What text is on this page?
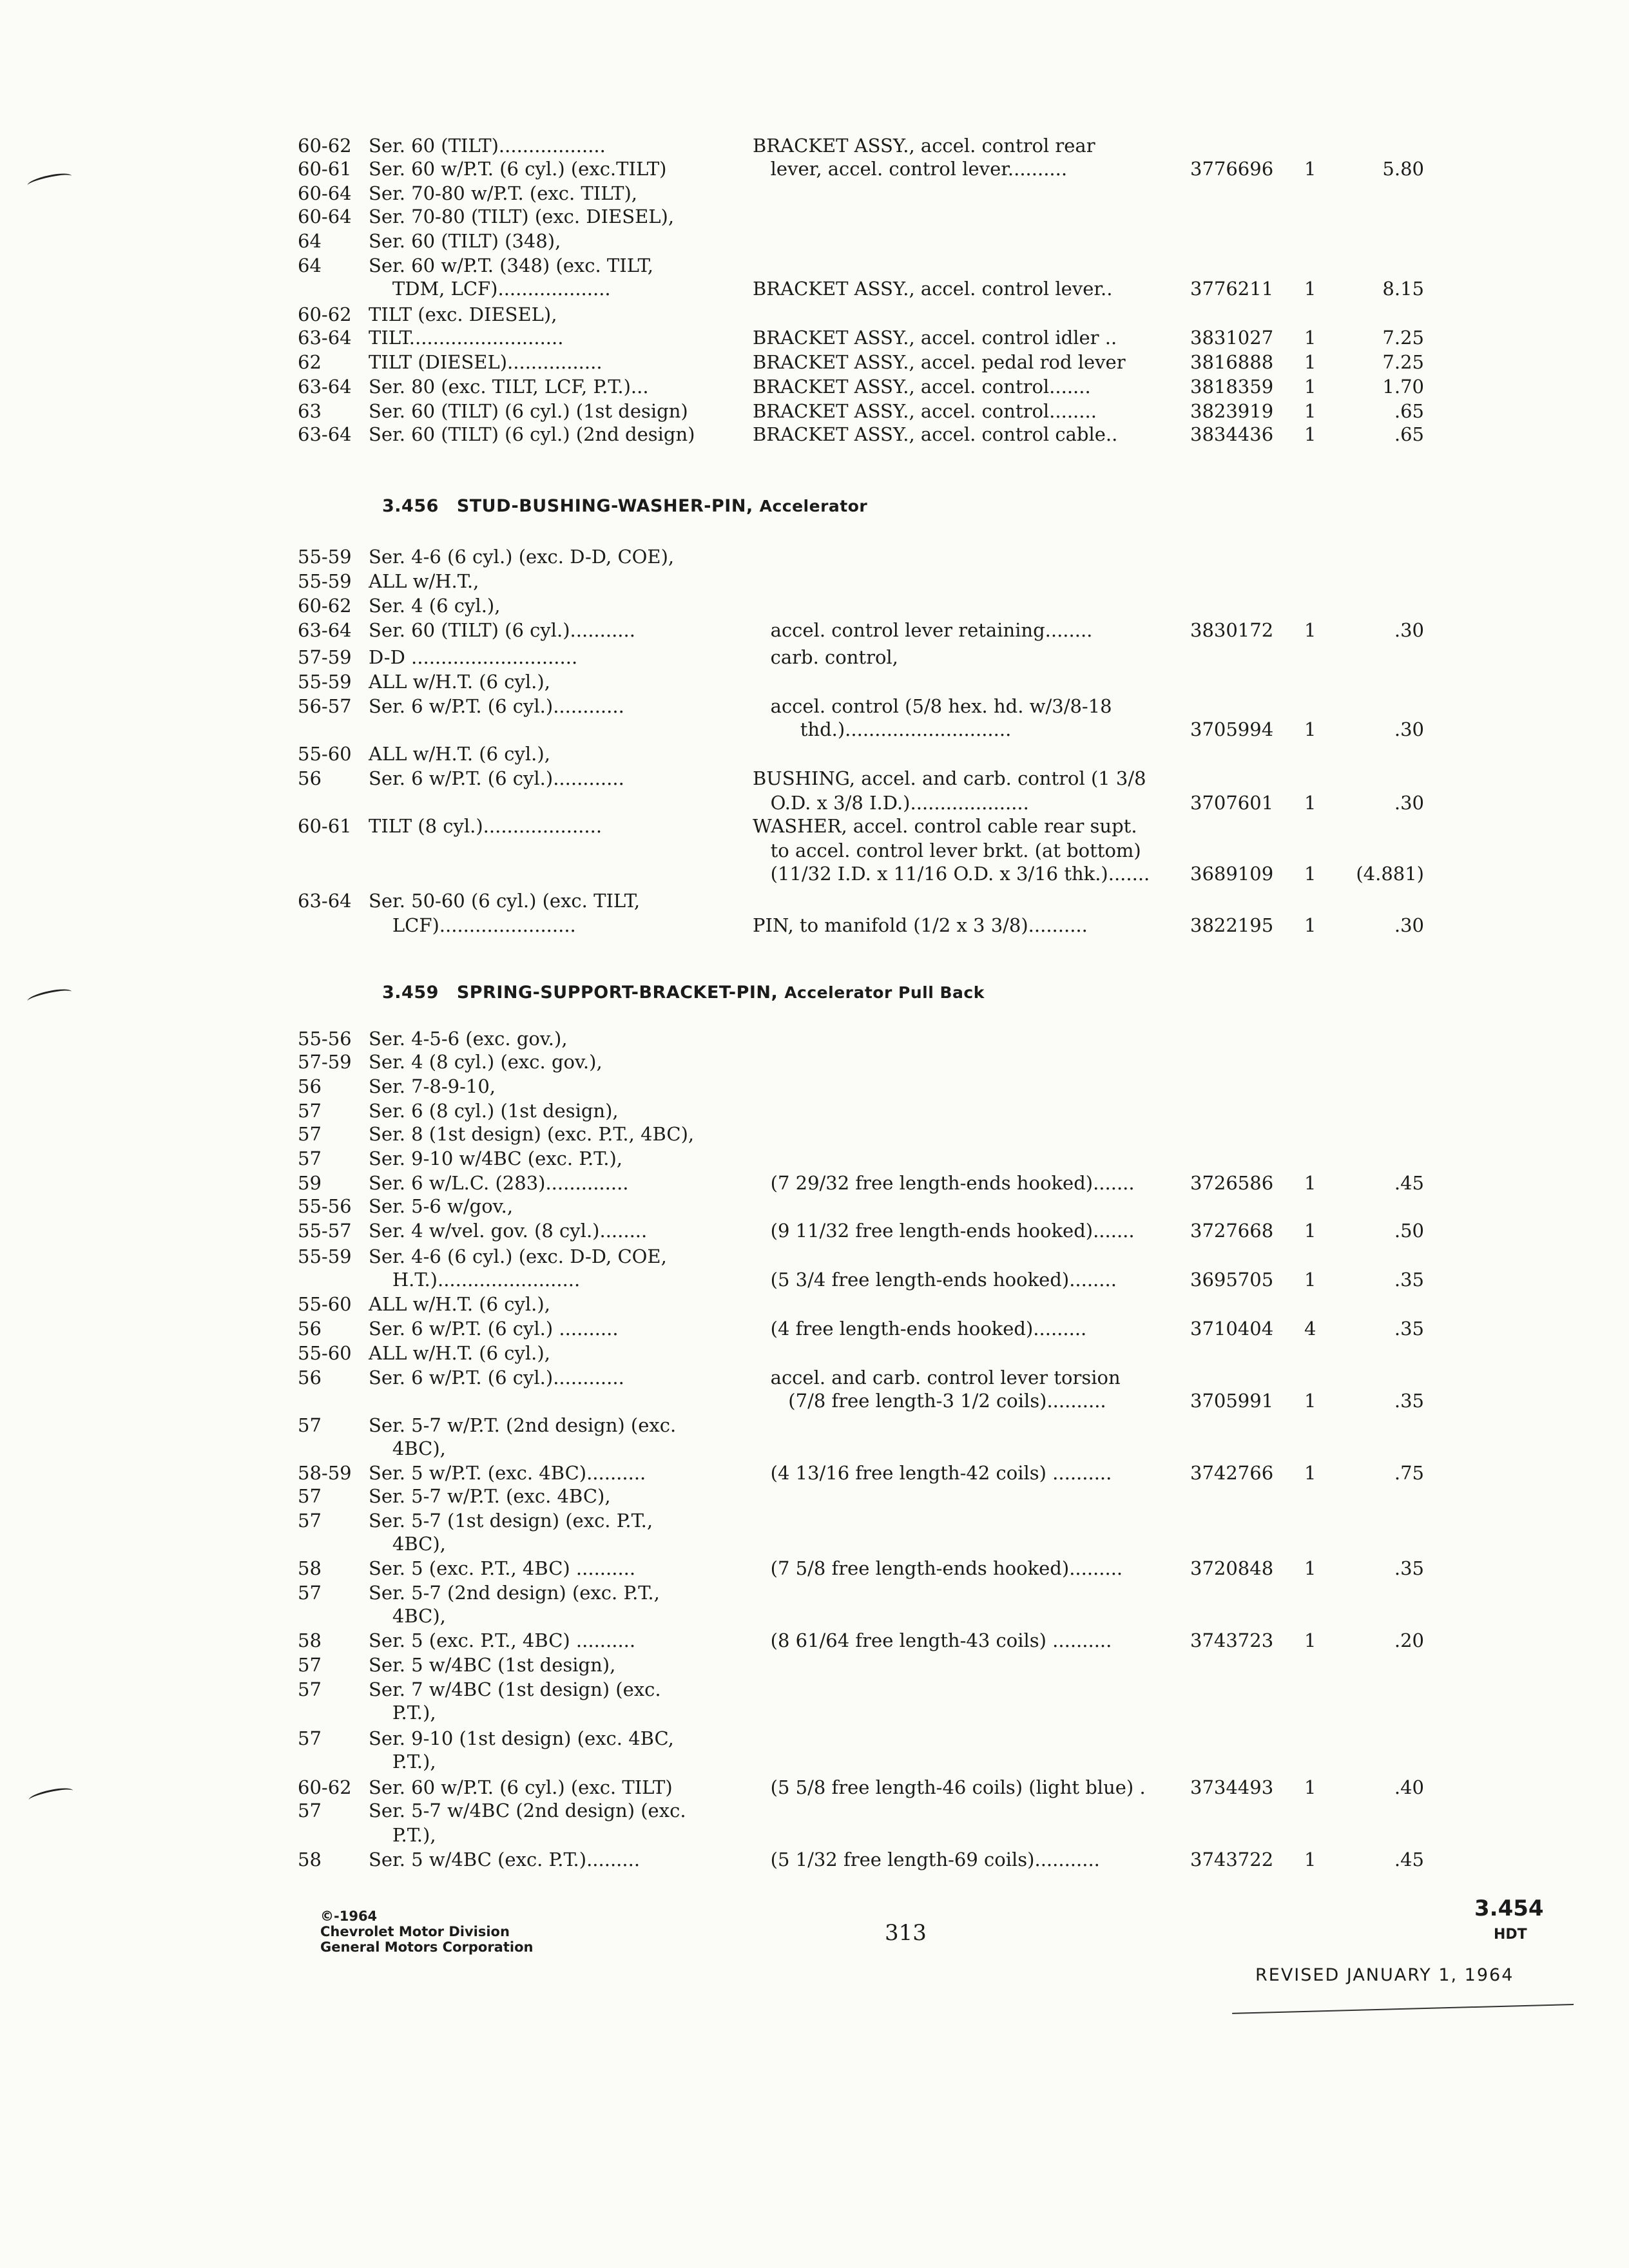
60-62 Ser. 60 (TILT)..................	BRACKET ASSY., accel. control rear
60-61 Ser. 60 w/P.T. (6 cyl.) (exc.TILT)	lever, accel. control lever..........	3776696 1	5.80
60-64 Ser. 70-80 w/P.T. (exc. TILT),
60-64 Ser. 70-80 (TILT) (exc. DIESEL),
64	Ser. 60 (TILT) (348),
64	Ser. 60 w/P.T. (348) (exc. TILT,
TDM, LCF)...................	BRACKET ASSY., accel. control lever..	3776211 1	8.15
60-62 TILT (exc. DIESEL),
63-64 TILT..........................	BRACKET ASSY., accel. control idler ..	3831027 1	7.25
62	TILT (DIESEL)................	BRACKET ASSY., accel. pedal rod lever	3816888 1	7.25
63-64 Ser. 80 (exc. TILT, LCF, P.T.)...	BRACKET ASSY., accel. control.......	3818359 1	1.70
63	Ser. 60 (TILT) (6 cyl.) (1st design)	BRACKET ASSY., accel. control........	3823919 1	.65
63-64 Ser. 60 (TILT) (6 cyl.) (2nd design)	BRACKET ASSY., accel. control cable..	3834436 1	.65
3.456 STUD-BUSHING-WASHER-PIN, Accelerator
55-59 Ser. 4-6 (6 cyl.) (exc. D-D, COE),
55-59 ALL w/H.T.,
60-62 Ser. 4 (6 cyl.),
63-64 Ser. 60 (TILT) (6 cyl.)...........	accel. control lever retaining........	3830172 1	.30
57-59 D-D ............................	carb. control,
55-59 ALL w/H.T. (6 cyl.),
56-57 Ser. 6 w/P.T. (6 cyl.)............	accel. control (5/8 hex. hd. w/3/8-18
thd.)............................	3705994 1	.30
55-60 ALL w/H.T. (6 cyl.),
56	Ser. 6 w/P.T. (6 cyl.)............	BUSHING, accel. and carb. control (1 3/8
O.D. x 3/8 I.D.)....................	3707601 1	.30
60-61 TILT (8 cyl.)....................	WASHER, accel. control cable rear supt.
to accel. control lever brkt. (at bottom)
(11/32 I.D. x 11/16 O.D. x 3/16 thk.)....... 3689109 1	(4.881)
63-64 Ser. 50-60 (6 cyl.) (exc. TILT,
LCF).......................	PIN, to manifold (1/2 x 3 3/8)..........	3822195 1	.30
3.459 SPRING-SUPPORT-BRACKET-PIN, Accelerator Pull Back
55-56 Ser. 4-5-6 (exc. gov.),
57-59 Ser. 4 (8 cyl.) (exc. gov.),
56	Ser. 7-8-9-10,
57	Ser. 6 (8 cyl.) (1st design),
57	Ser. 8 (1st design) (exc. P.T., 4BC),
57	Ser. 9-10 w/4BC (exc. P.T.),
59	Ser. 6 w/L.C. (283)..............	(7 29/32 free length-ends hooked).......	3726586 1	.45
55-56 Ser. 5-6 w/gov.,
55-57 Ser. 4 w/vel. gov. (8 cyl.)........	(9 11/32 free length-ends hooked).......	3727668 1	.50
55-59 Ser. 4-6 (6 cyl.) (exc. D-D, COE,
H.T.)........................	(5 3/4 free length-ends hooked)........	3695705 1	.35
55-60 ALL w/H.T. (6 cyl.),
56	Ser. 6 w/P.T. (6 cyl.) ..........	(4 free length-ends hooked).........	3710404 4	.35
55-60 ALL w/H.T. (6 cyl.),
56	Ser. 6 w/P.T. (6 cyl.)............	accel. and carb. control lever torsion
(7/8 free length-3 1/2 coils)..........	3705991 1	.35
57	Ser. 5-7 w/P.T. (2nd design) (exc.
4BC),
58-59 Ser. 5 w/P.T. (exc. 4BC)..........	(4 13/16 free length-42 coils) ..........	3742766 1	.75
57	Ser. 5-7 w/P.T. (exc. 4BC),
57	Ser. 5-7 (1st design) (exc. P.T.,
4BC),
58	Ser. 5 (exc. P.T., 4BC) ..........	(7 5/8 free length-ends hooked).........	3720848 1	.35
57	Ser. 5-7 (2nd design) (exc. P.T.,
4BC),
58	Ser. 5 (exc. P.T., 4BC) ..........	(8 61/64 free length-43 coils) ..........	3743723 1	.20
57	Ser. 5 w/4BC (1st design),
57	Ser. 7 w/4BC (1st design) (exc.
P.T.),
57	Ser. 9-10 (1st design) (exc. 4BC,
P.T.),
60-62 Ser. 60 w/P.T. (6 cyl.) (exc. TILT)	(5 5/8 free length-46 coils) (light blue) . 3734493 1	.40
57	Ser. 5-7 w/4BC (2nd design) (exc.
P.T.),
58	Ser. 5 w/4BC (exc. P.T.).........	(5 1/32 free length-69 coils)...........	3743722 1	.45
©-1964
Chevrolet Motor Division
General Motors Corporation
313
3.454
HDT
REVISED JANUARY 1, 1964
